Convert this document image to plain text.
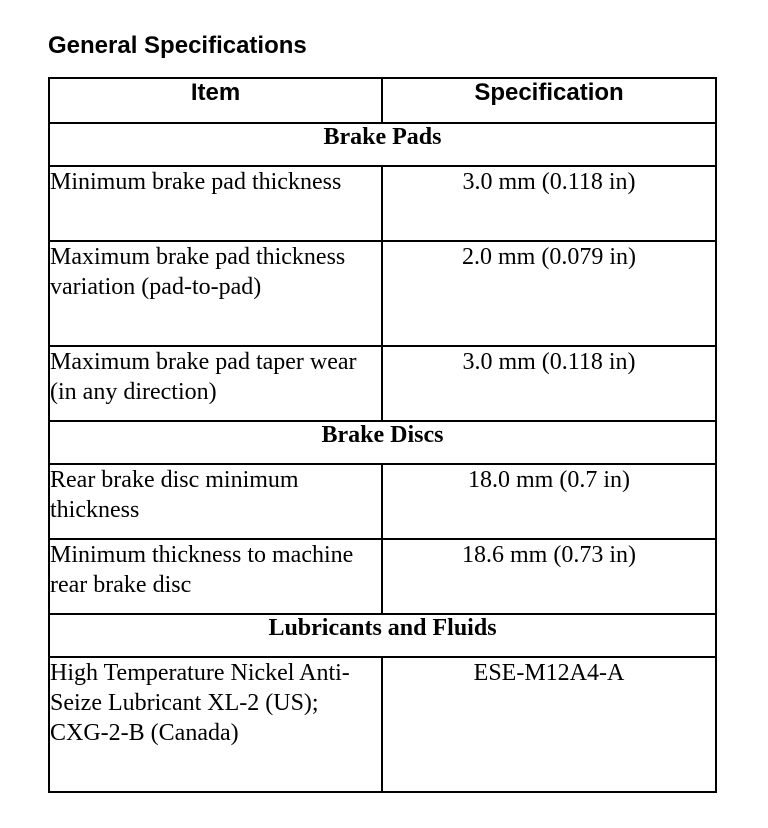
General Specifications
Item	Specification
Brake Pads	
Minimum brake pad thickness	3.0 mm (0.118 in)
Maximum brake pad thickness variation (pad-to-pad)	2.0 mm (0.079 in)
Maximum brake pad taper wear (in any direction)	3.0 mm (0.118 in)
Brake Discs	
Rear brake disc minimum thickness	18.0 mm (0.7 in)
Minimum thickness to machine rear brake disc	18.6 mm (0.73 in)
Lubricants and Fluids	
High Temperature Nickel Anti-Seize Lubricant XL-2 (US); CXG-2-B (Canada)	ESE-M12A4-A
